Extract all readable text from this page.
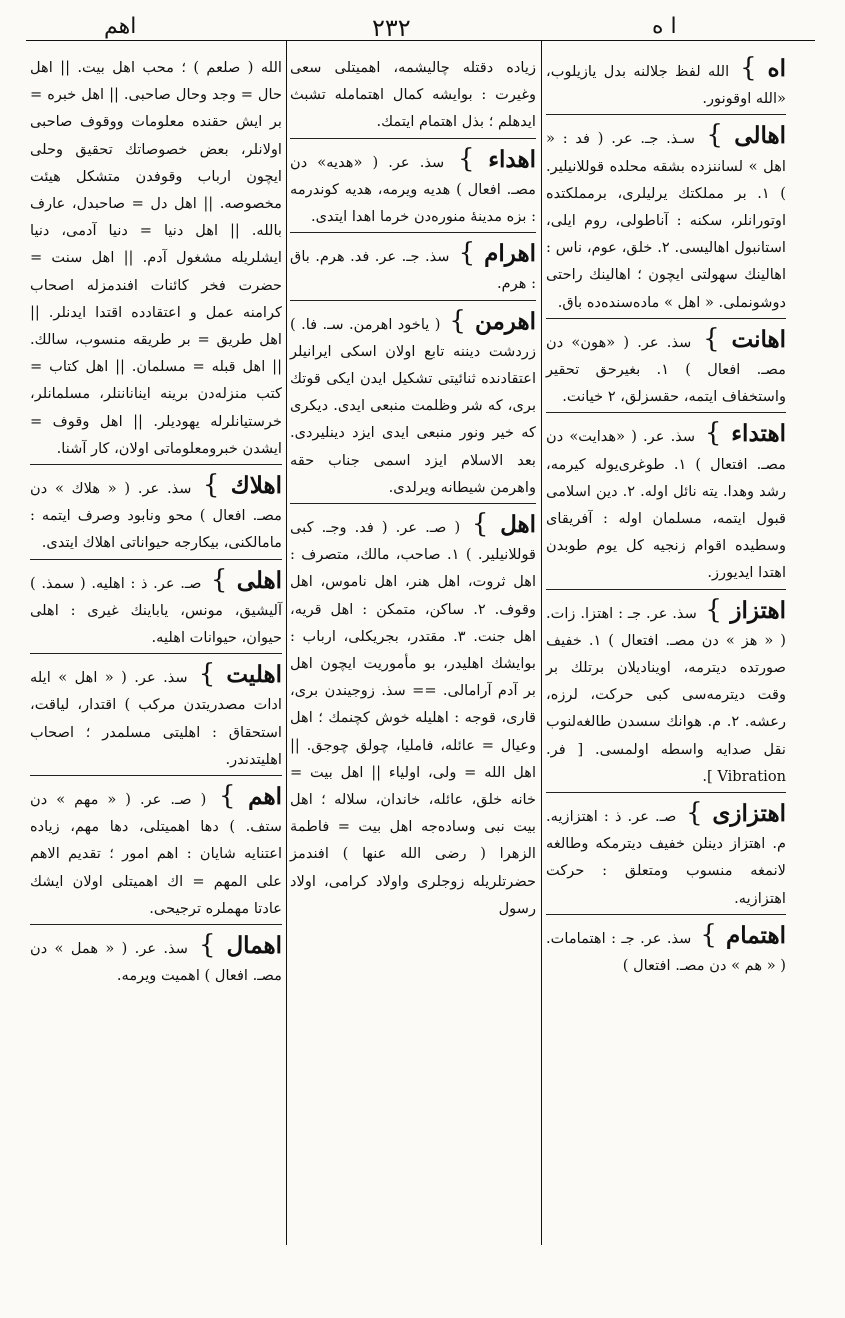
اهم	۲۳۲	ا ه
اه } الله لفظ جلالنه بدل یازیلوب، «الله اوقونور.
اهالی } سـذ. جـ. عر. ( فد : « اهل » لساننزده بشقه محلده قوللانیلیر. ) ۱. بر مملکتك یرلیلری، برمملکتده اوتورانلر، سکنه : آناطولی، روم ایلی، استانبول اهالیسی. ۲. خلق، عوم، ناس : اهالینك سهولتی ایچون ؛ اهالینك راحتی دوشونملی. « اهل » ماده‌سنده‌ده باق.
اهانت } سذ. عر. ( «هون» دن مصـ. افعال ) ۱. بغیرحق تحقیر واستخفاف ایتمه، حقسزلق، ۲ خیانت.
اهتداء } سذ. عر. ( «هدایت» دن مصـ. افتعال ) ۱. طوغری‌یوله کیرمه، رشد وهدا. یته نائل اوله. ۲. دین اسلامی قبول ایتمه، مسلمان اوله : آفریقای وسطیده اقوام زنجیه کل یوم طوبدن اهتدا ایدیورز.
اهتزاز } سذ. عر. جـ : اهتزا. زات. ( « هز » دن مصـ. افتعال ) ۱. خفیف صورتده دیترمه، اوینادیلان برتلك بر وقت دیترمه‌سی کبی حرکت، لرزه، رعشه. ۲. م. هوانك سسدن طالغه‌لنوب نقل صدایه واسطه اولمسی. [ فر. Vibration ].
اهتزازی } صـ. عر. ذ : اهتزازیه. م. اهتزاز دینلن خفیف دیترمکه وطالغه لانمغه منسوب ومتعلق : حرکت اهتزازیه.
اهتمام } سذ. عر. جـ : اهتمامات. ( « هم » دن مصـ. افتعال )
زیاده دقتله چالیشمه، اهمیتلی سعی وغیرت : بوایشه کمال اهتمامله تشبث ایدهلم ؛ بذل اهتمام ایتمك.
اهداء } سذ. عر. ( «هدیه» دن مصـ. افعال ) هدیه ویرمه، هدیه کوندرمه : بزه مدینهٔ منوره‌دن خرما اهدا ایتدی.
اهرام } سذ. جـ. عر. فد. هرم. باق : هرم.
اهرمن } ( یاخود اهرمن. سـ. فا. ) زردشت دیننه تابع اولان اسکی ایرانیلر اعتقادنده ثنائیتی تشکیل ایدن ایکی قوتك بری، که شر وظلمت منبعی ایدی. دیکری که خیر ونور منبعی ایدی ایزد دینلیردی. بعد الاسلام ایزد اسمی جناب حقه واهرمن شیطانه ویرلدی.
اهل } ( صـ. عر. ( فد. وجـ. کبی قوللانیلیر. ) ۱. صاحب، مالك، متصرف : اهل ثروت، اهل هنر، اهل ناموس، اهل وقوف. ۲. ساکن، متمکن : اهل قریه، اهل جنت. ۳. مقتدر، بجریکلی، ارباب : بوایشك اهلیدر، بو مأموریت ایچون اهل بر آدم آرامالی. == سذ. زوجیندن بری، قاری، قوجه : اهلیله خوش کچنمك ؛ اهل وعیال = عائله، فاملیا، چولق چوجق. || اهل الله = ولی، اولیاء || اهل بیت = خانه خلق، عائله، خاندان، سلاله ؛ اهل بیت نبی وساده‌جه اهل بیت = فاطمة الزهرا ( رضی الله عنها ) افندمز حضرتلریله زوجلری واولاد کرامی، اولاد رسول
الله ( صلعم ) ؛ محب اهل بیت. || اهل حال = وجد وحال صاحبی. || اهل خبره = بر ایش حقنده معلومات ووقوف صاحبی اولانلر، بعض خصوصاتك تحقیق وحلی ایچون ارباب وقوفدن متشکل هیئت مخصوصه. || اهل دل = صاحبدل، عارف بالله. || اهل دنیا = دنیا آدمی، دنیا ایشلریله مشغول آدم. || اهل سنت = حضرت فخر کائنات افندمزله اصحاب کرامنه عمل و اعتقادده اقتدا ایدنلر. || اهل طریق = بر طریقه منسوب، سالك. || اهل قبله = مسلمان. || اهل کتاب = کتب منزله‌دن برینه ایناناننلر، مسلمانلر، خرستیانلرله یهودیلر. || اهل وقوف = ایشدن خبرومعلوماتی اولان، کار آشنا.
اهلاك } سذ. عر. ( « هلاك » دن مصـ. افعال ) محو ونابود وصرف ایتمه : مامالکنی، بیکارجه حیواناتی اهلاك ایتدی.
اهلی } صـ. عر. ذ : اهلیه. ( سمذ. ) آلیشیق، مونس، یاباینك غیری : اهلی حیوان، حیوانات اهلیه.
اهلیت } سذ. عر. ( « اهل » ایله ادات مصدریتدن مرکب ) اقتدار، لیاقت، استحقاق : اهلیتی مسلمدر ؛ اصحاب اهلیتدندر.
اهم } ( صـ. عر. ( « مهم » دن ستف. ) دها اهمیتلی، دها مهم، زیاده اعتنایه شایان : اهم امور ؛ تقدیم الاهم علی المهم = اك اهمیتلی اولان ایشك عادتا مهملره ترجیحی.
اهمال } سذ. عر. ( « همل » دن مصـ. افعال ) اهمیت ویرمه.
